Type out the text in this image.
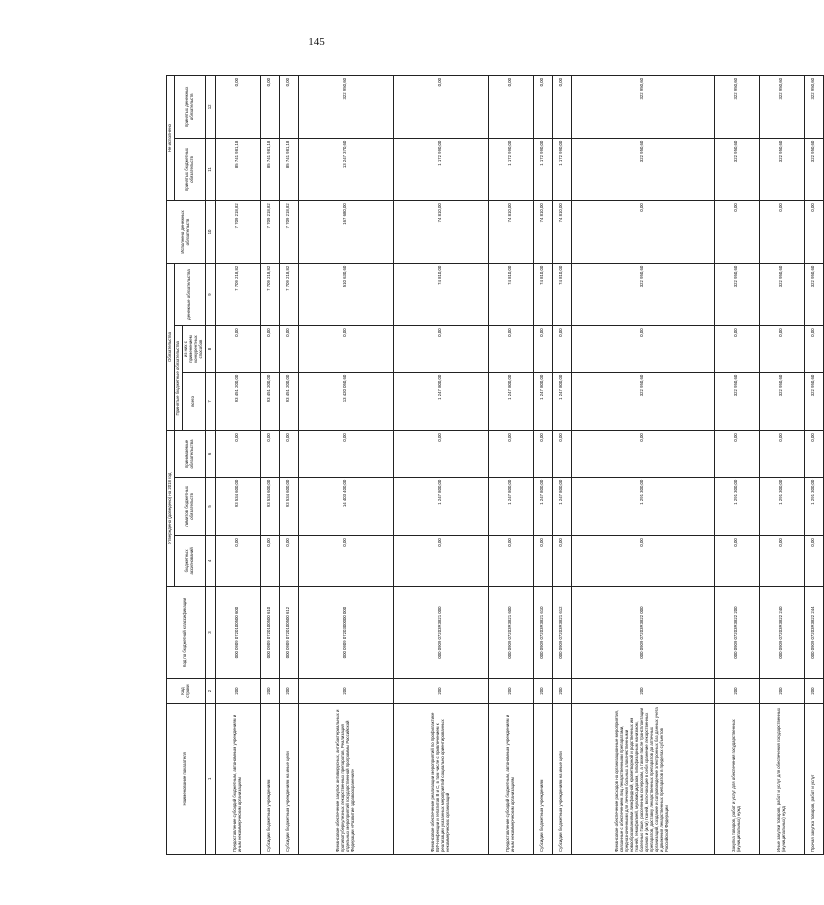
145
Наименование показателя	Код строки	Код по бюджетной классификации	Утверждено (доведено) на 2018 год			Обязательства			Исполнено денежных обязательств	Не исполнено	
			бюджетных ассигнований	лимитов бюджетных обязательств	принимаемые обязательства	Принятые бюджетные обязательства		денежные обязательства		принятых бюджетных обязательств	принятых денежных обязательств
						всего	из них с применением конкурентных способов				
1	2	3	4	5	6	7	8	9	10	11	12
Предоставление субсидий бюджетным, автономным учреждениям и иным некоммерческим организациям	200	000 0909 0720100500 600	0,00	93 534 600,00	0,00	93 451 200,00	0,00	7 709 218,82	7 709 218,82	85 741 981,18	0,00
Субсидии бюджетным учреждениям	200	000 0909 0720100500 610	0,00	93 534 600,00	0,00	93 451 200,00	0,00	7 709 218,82	7 709 218,82	85 741 981,18	0,00
Субсидии бюджетным учреждениям на иные цели	200	000 0909 0720100500 612	0,00	93 534 600,00	0,00	93 451 200,00	0,00	7 709 218,82	7 709 218,82	85 741 981,18	0,00
Финансовое обеспечение закупок антивирусных, антибактериальных и противотуберкулезных лекарственных препаратов, Реализация отдельных мероприятий государственной программы Российской Федерации «Развитие здравоохранения»	200	000 0909 0720300000 000	0,00	14 403 400,00	0,00	13 420 050,60	0,00	510 630,60	167 680,00	13 247 370,60	322 950,60
Финансовое обеспечение реализации мероприятий по профилактике ВИЧ-инфекции и гепатитов В и С, в том числе с привлечением к реализации указанных мероприятий социально ориентированных некоммерческих организаций	200	000 0909 07203R3821 000	0,00	1 247 800,00	0,00	1 247 800,00	0,00	74 810,00	74 810,00	1 172 990,00	0,00
Предоставление субсидий бюджетным, автономным учреждениям и иным некоммерческим организациям	200	000 0909 07203R3821 600	0,00	1 247 800,00	0,00	1 247 800,00	0,00	74 810,00	74 810,00	1 172 990,00	0,00
Субсидии бюджетным учреждениям	200	000 0909 07203R3821 610	0,00	1 247 800,00	0,00	1 247 800,00	0,00	74 810,00	74 810,00	1 172 990,00	0,00
Субсидии бюджетным учреждениям на иные цели	200	000 0909 07203R3821 612	0,00	1 247 800,00	0,00	1 247 800,00	0,00	74 810,00	74 810,00	1 172 990,00	0,00
Финансовое обеспечение расходов на организационные мероприятия, связанные с обеспечением лиц лекарственными препаратами, предназначенными для лечения больных злокачественными новообразованиями лимфоидной, кроветворной и родственных им тканей, гемофилией, муковисцидозом, гипофизарным нанизмом, болезнью Гоше, рассеянным склерозом, а также после трансплантации органов и (или) тканей, включающие в себя хранение лекарственных препаратов, доставку лекарственных препаратов до аптечных организаций, создание и сопровождение электронных баз данных учета и движения лекарственных препаратов в пределах субъектов Российской Федерации	200	000 0909 07203R3822 000	0,00	1 291 300,00	0,00	322 950,60	0,00	322 950,60	0,00	322 950,60	322 950,60
Закупка товаров, работ и услуг для обеспечения государственных (муниципальных) нужд	200	000 0909 07203R3822 200	0,00	1 291 300,00	0,00	322 950,60	0,00	322 950,60	0,00	322 950,60	322 950,60
Иные закупки товаров, работ и услуг для обеспечения государственных (муниципальных) нужд	200	000 0909 07203R3822 240	0,00	1 291 300,00	0,00	322 950,60	0,00	322 950,60	0,00	322 950,60	322 950,60
Прочая закупка товаров, работ и услуг	200	000 0909 07203R3822 244	0,00	1 291 300,00	0,00	322 950,60	0,00	322 950,60	0,00	322 950,60	322 950,60
